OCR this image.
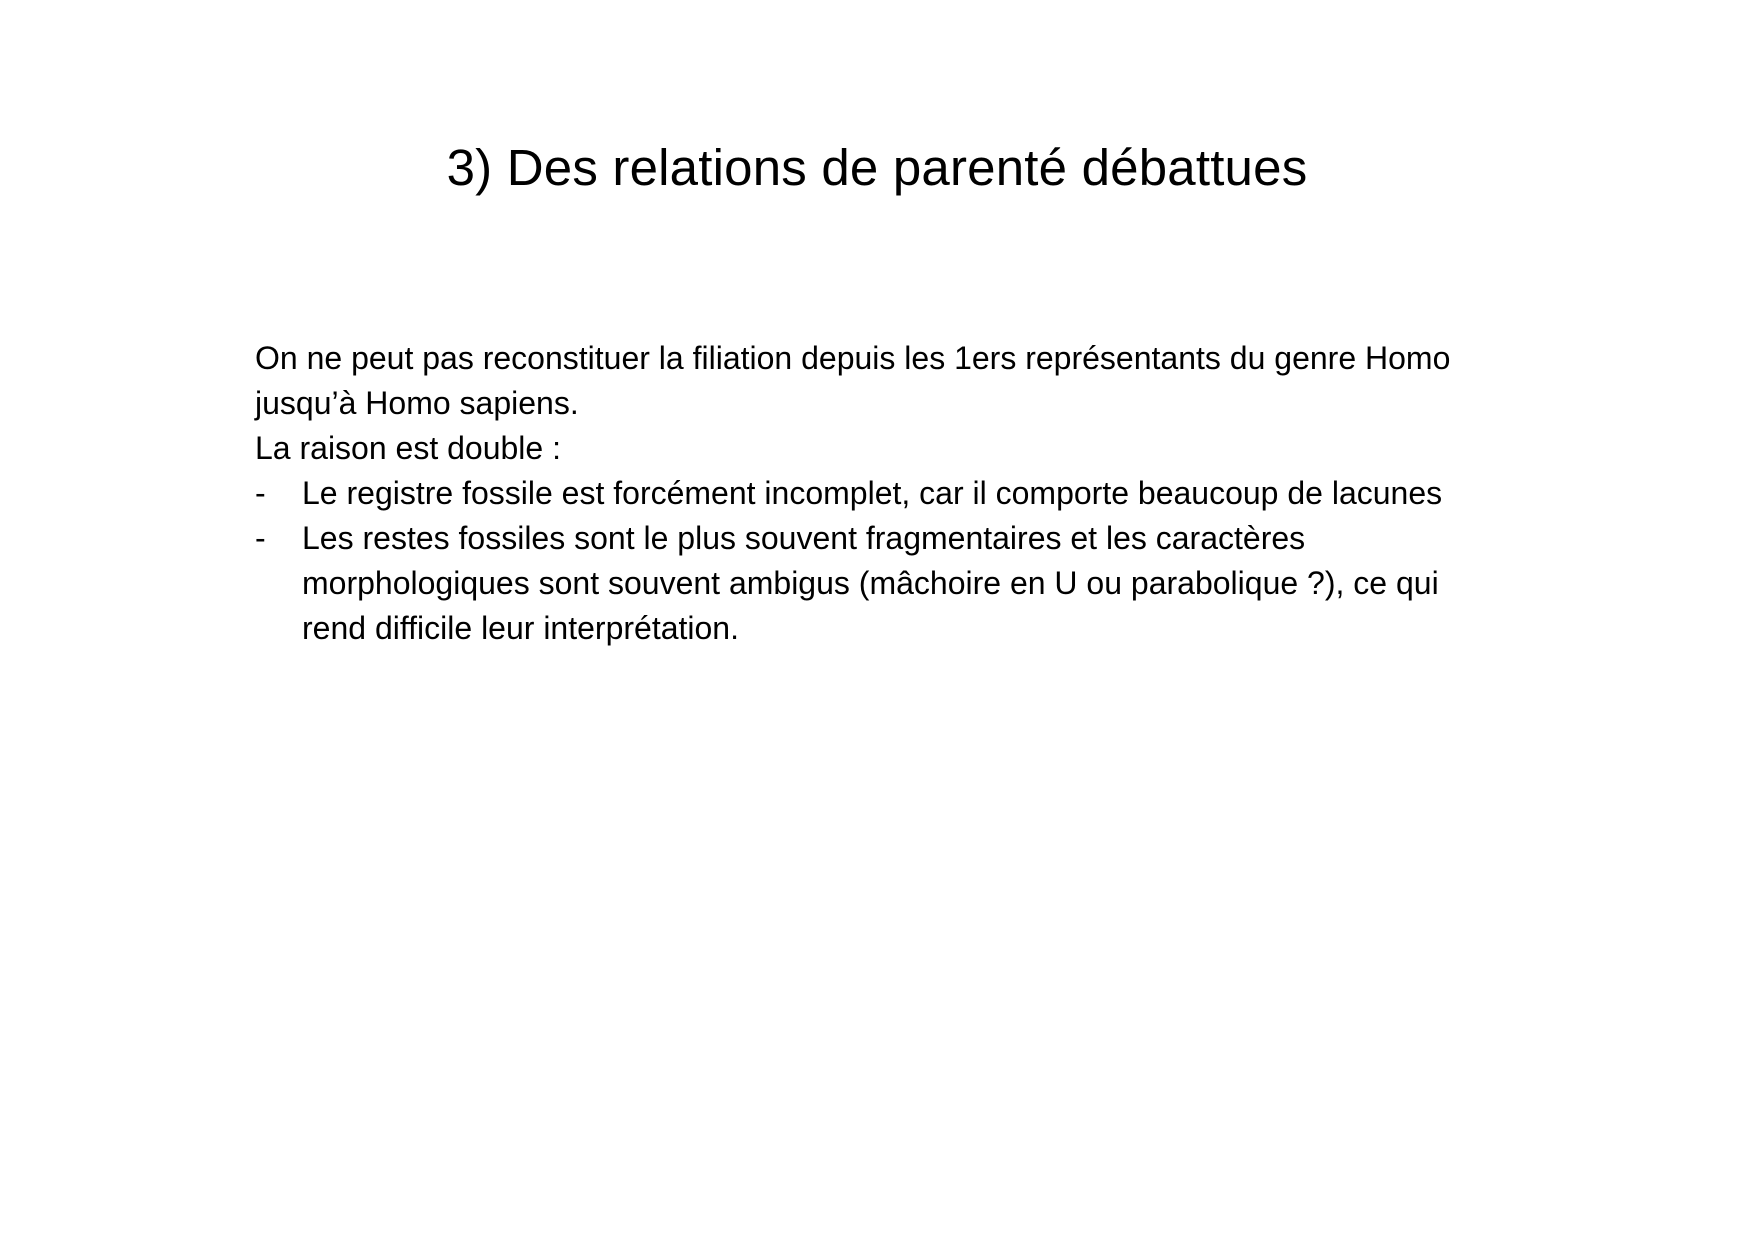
3) Des relations de parenté débattues

On ne peut pas reconstituer la filiation depuis les 1ers représentants du genre Homo jusqu’à Homo sapiens.

La raison est double :

-	Le registre fossile est forcément incomplet, car il comporte beaucoup de lacunes
-	Les restes fossiles sont le plus souvent fragmentaires et les caractères morphologiques sont souvent ambigus (mâchoire en U ou parabolique ?), ce qui rend difficile leur interprétation.
